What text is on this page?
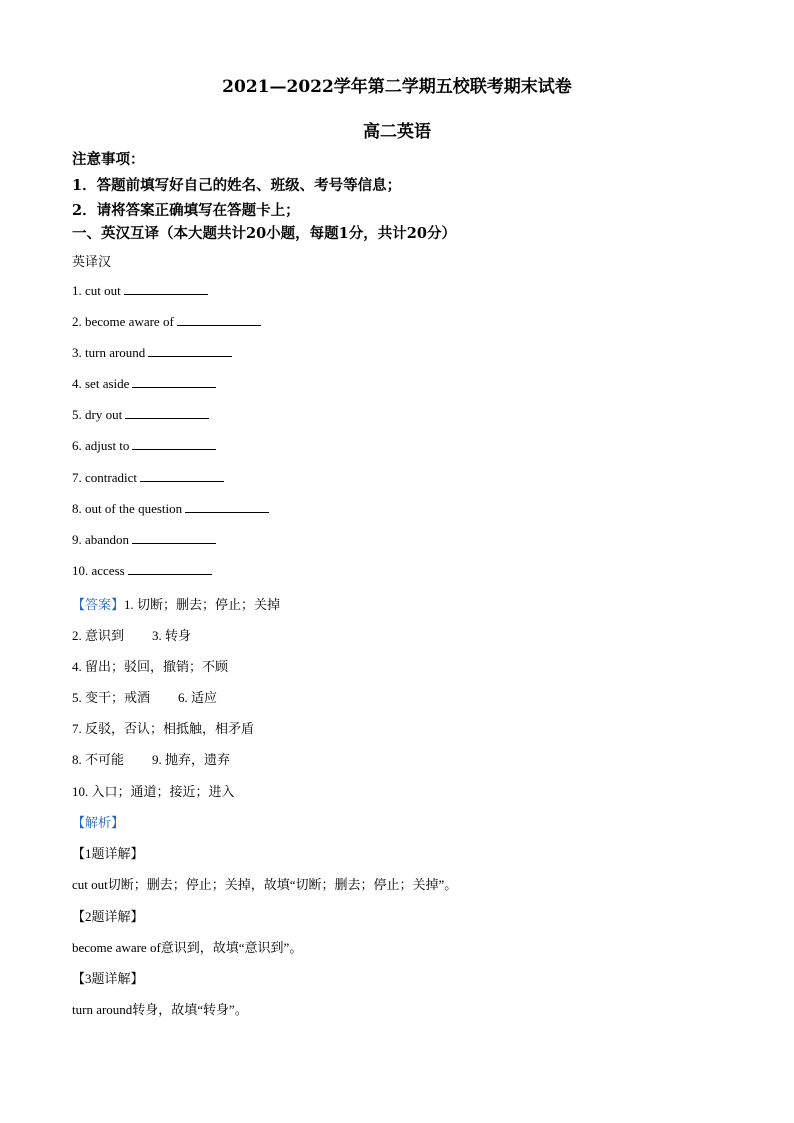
2021—2022学年第二学期五校联考期末试卷
高二英语
注意事项：
1．答题前填写好自己的姓名、班级、考号等信息；
2．请将答案正确填写在答题卡上；
一、英汉互译（本大题共计20小题，每题1分，共计20分）
英译汉
1. cut out
2. become aware of
3. turn around
4. set aside
5. dry out
6. adjust to
7. contradict
8. out of the question
9. abandon
10. access
【答案】1. 切断；删去；停止；关掉
2. 意识到 3. 转身
4. 留出；驳回，撤销；不顾
5. 变干；戒酒 6. 适应
7. 反驳，否认；相抵触，相矛盾
8. 不可能 9. 抛弃，遗弃
10. 入口；通道；接近；进入
【解析】
【1题详解】
cut out切断；删去；停止；关掉，故填“切断；删去；停止；关掉”。
【2题详解】
become aware of意识到，故填“意识到”。
【3题详解】
turn around转身，故填“转身”。
